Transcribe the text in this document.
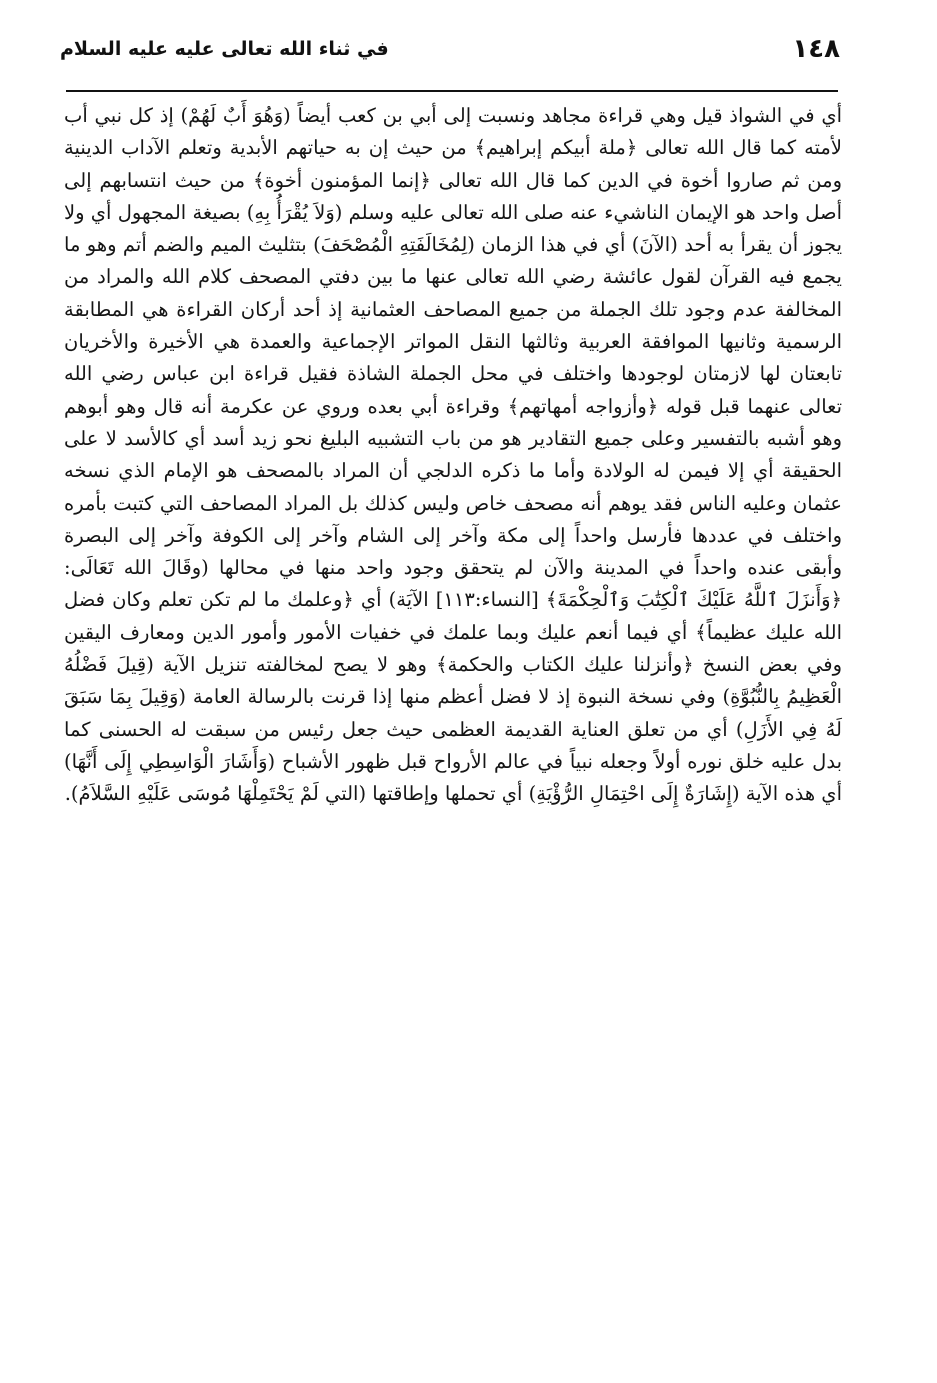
١٤٨
في ثناء الله تعالى عليه عليه السلام

أي في الشواذ قيل وهي قراءة مجاهد ونسبت إلى أبي بن كعب أيضاً (وَهُوَ أَبٌ لَهُمْ) إذ كل نبي أب لأمته كما قال الله تعالى ﴿ملة أبيكم إبراهيم﴾ من حيث إن به حياتهم الأبدية وتعلم الآداب الدينية ومن ثم صاروا أخوة في الدين كما قال الله تعالى ﴿إنما المؤمنون أخوة﴾ من حيث انتسابهم إلى أصل واحد هو الإيمان الناشيء عنه صلى الله تعالى عليه وسلم (وَلاَ يُقْرَأُ بِهِ) بصيغة المجهول أي ولا يجوز أن يقرأ به أحد (الآنَ) أي في هذا الزمان (لِمُخَالَفَتِهِ الْمُصْحَفَ) بتثليث الميم والضم أتم وهو ما يجمع فيه القرآن لقول عائشة رضي الله تعالى عنها ما بين دفتي المصحف كلام الله والمراد من المخالفة عدم وجود تلك الجملة من جميع المصاحف العثمانية إذ أحد أركان القراءة هي المطابقة الرسمية وثانيها الموافقة العربية وثالثها النقل المواتر الإجماعية والعمدة هي الأخيرة والأخريان تابعتان لها لازمتان لوجودها واختلف في محل الجملة الشاذة فقيل قراءة ابن عباس رضي الله تعالى عنهما قبل قوله ﴿وأزواجه أمهاتهم﴾ وقراءة أبي بعده وروي عن عكرمة أنه قال وهو أبوهم وهو أشبه بالتفسير وعلى جميع التقادير هو من باب التشبيه البليغ نحو زيد أسد أي كالأسد لا على الحقيقة أي إلا فيمن له الولادة وأما ما ذكره الدلجي أن المراد بالمصحف هو الإمام الذي نسخه عثمان وعليه الناس فقد يوهم أنه مصحف خاص وليس كذلك بل المراد المصاحف التي كتبت بأمره واختلف في عددها فأرسل واحداً إلى مكة وآخر إلى الشام وآخر إلى الكوفة وآخر إلى البصرة وأبقى عنده واحداً في المدينة والآن لم يتحقق وجود واحد منها في محالها (وقَالَ الله تَعَالَى: ﴿وَأَنزَلَ ٱللَّهُ عَلَيْكَ ٱلْكِتَٰبَ وَٱلْحِكْمَةَ﴾ [النساء:١١٣] الآيَة) أي ﴿وعلمك ما لم تكن تعلم وكان فضل الله عليك عظيماً﴾ أي فيما أنعم عليك وبما علمك في خفيات الأمور وأمور الدين ومعارف اليقين وفي بعض النسخ ﴿وأنزلنا عليك الكتاب والحكمة﴾ وهو لا يصح لمخالفته تنزيل الآية (قِيلَ فَضْلُهُ الْعَظِيمُ بِالنُّبُوَّةِ) وفي نسخة النبوة إذ لا فضل أعظم منها إذا قرنت بالرسالة العامة (وَقِيلَ بِمَا سَبَقَ لَهُ فِي الأَزَلِ) أي من تعلق العناية القديمة العظمى حيث جعل رئيس من سبقت له الحسنى كما بدل عليه خلق نوره أولاً وجعله نبياً في عالم الأرواح قبل ظهور الأشباح (وَأَشَارَ الْوَاسِطِي إِلَى أَنَّهَا) أي هذه الآية (إِشَارَةٌ إِلَى احْتِمَالِ الرُّؤْيَةِ) أي تحملها وإطاقتها (التي لَمْ يَحْتَمِلْهَا مُوسَى عَلَيْهِ السَّلاَمُ).
